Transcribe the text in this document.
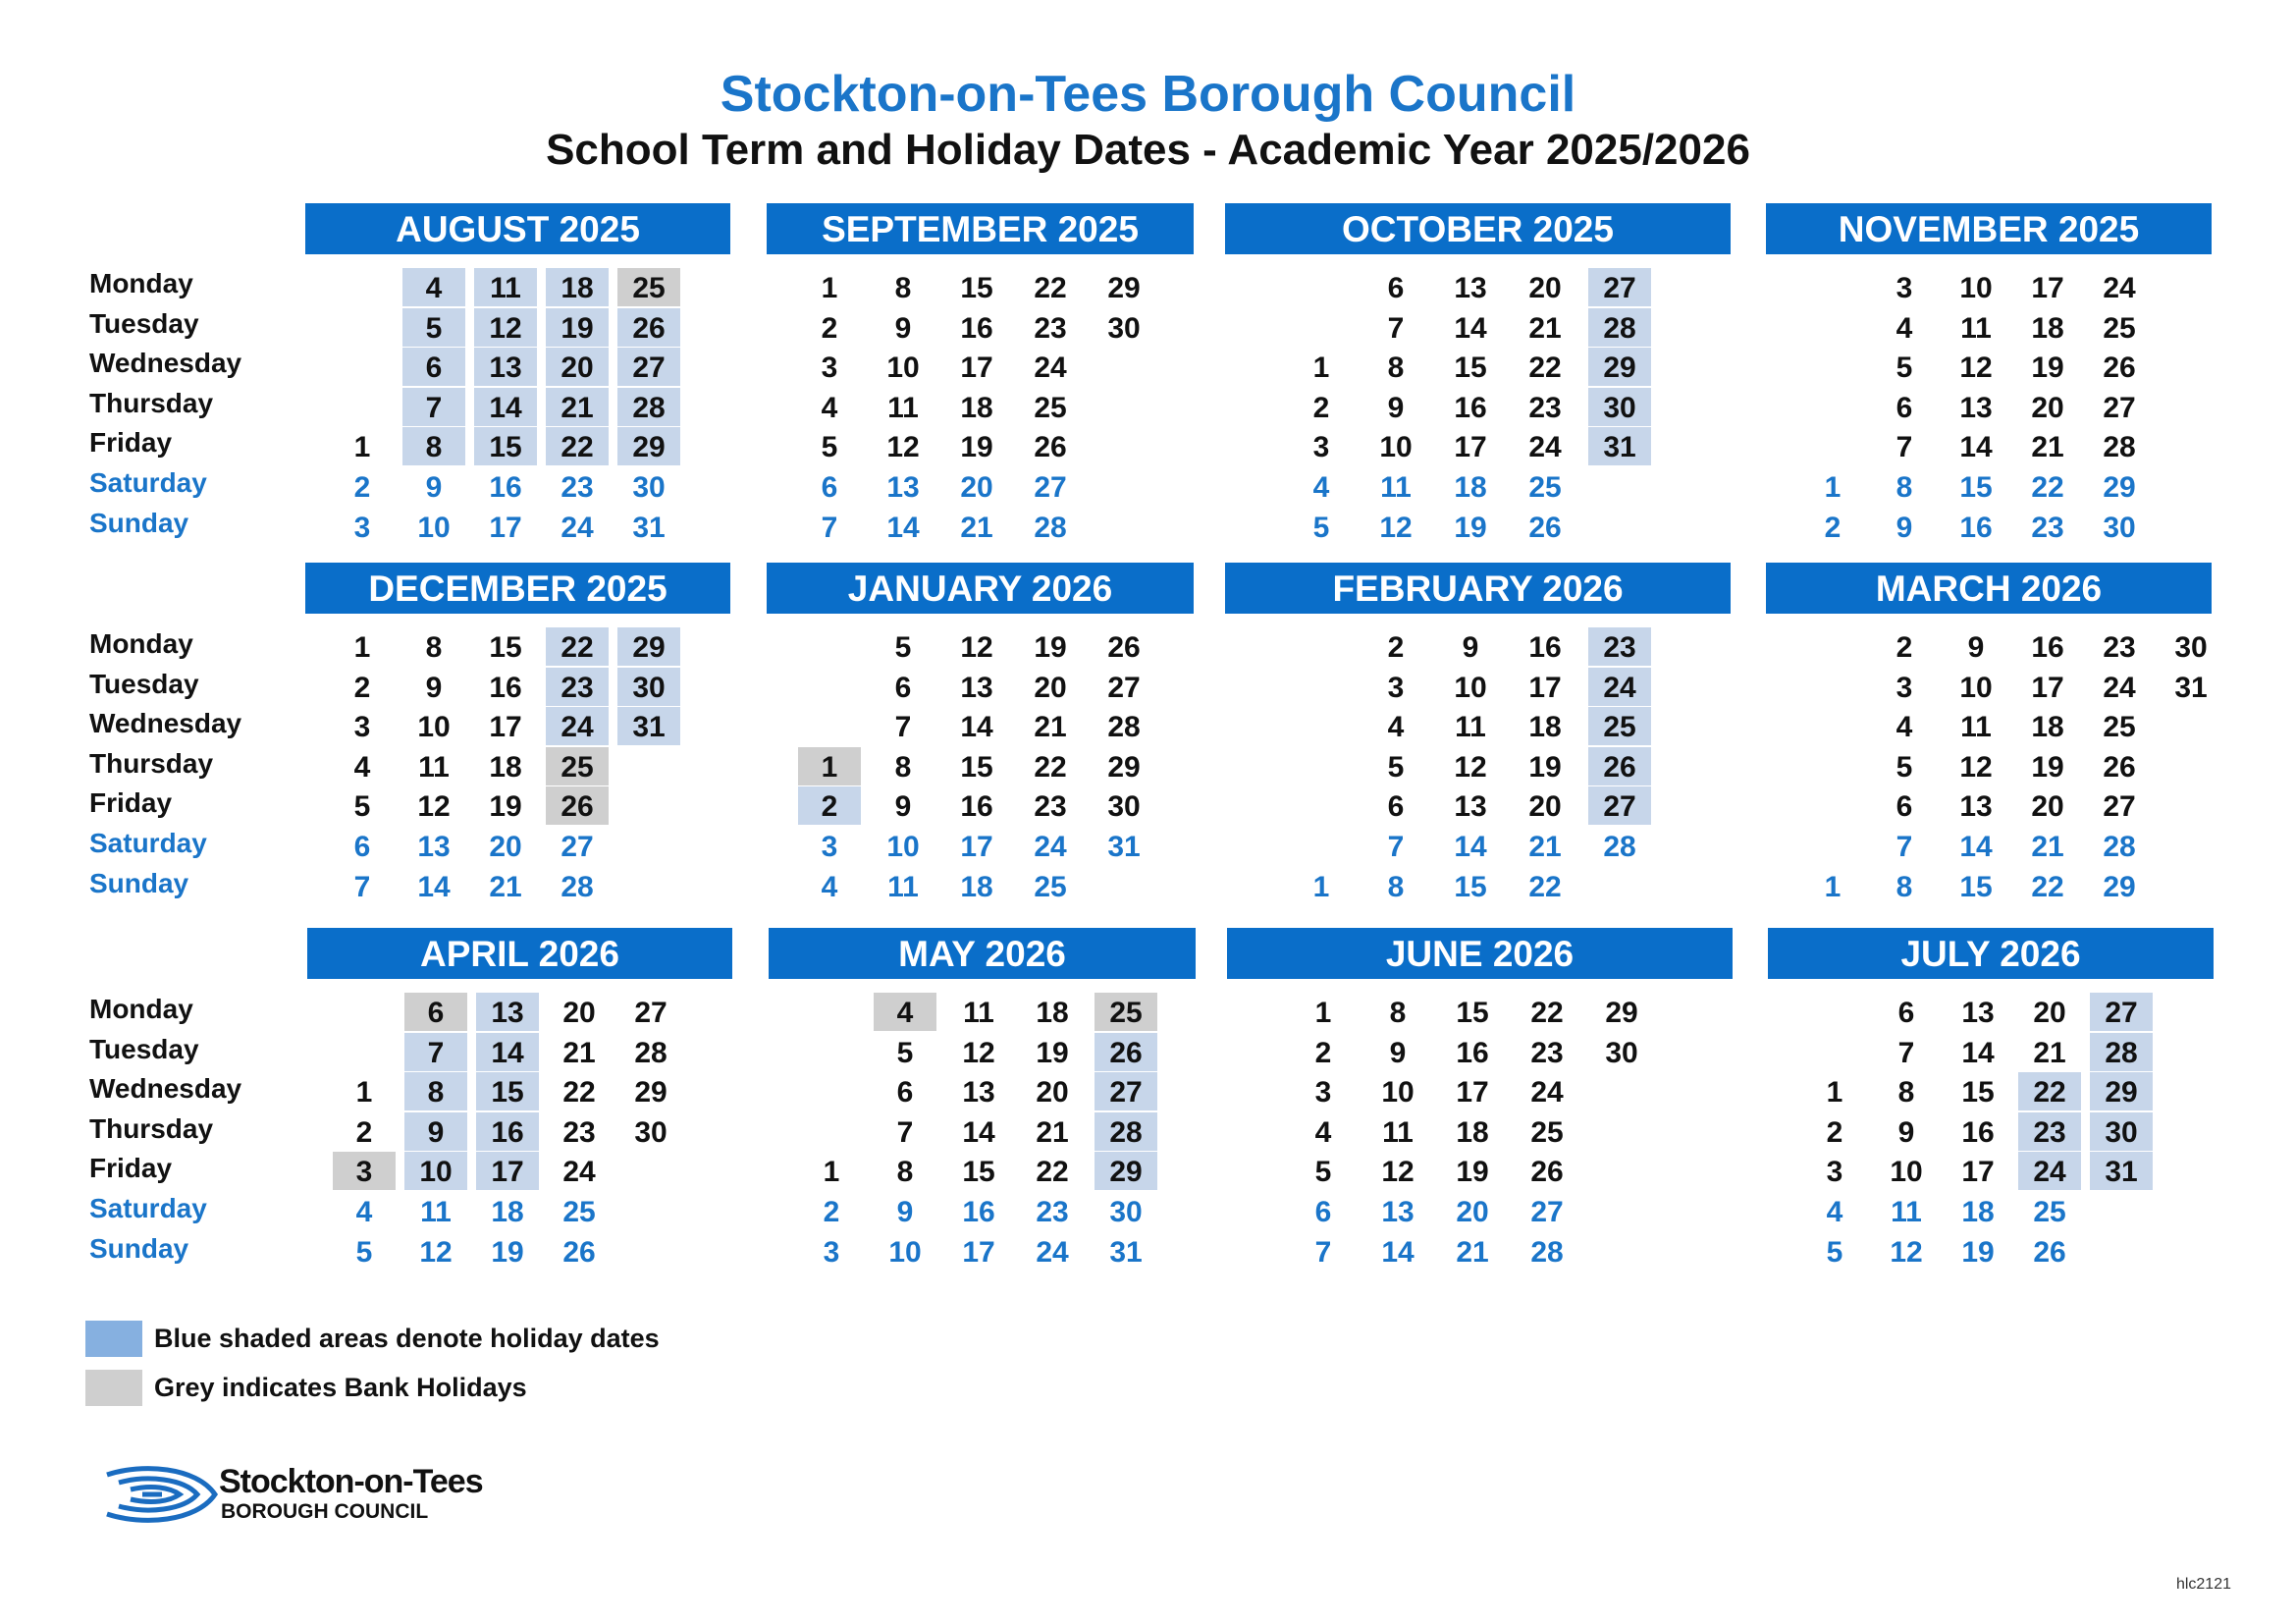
Stockton-on-Tees Borough Council
School Term and Holiday Dates - Academic Year 2025/2026
Monday
Tuesday
Wednesday
Thursday
Friday
Saturday
Sunday
Monday
Tuesday
Wednesday
Thursday
Friday
Saturday
Sunday
Monday
Tuesday
Wednesday
Thursday
Friday
Saturday
Sunday
AUGUST 2025
1
2
3
4
5
6
7
8
9
10
11
12
13
14
15
16
17
18
19
20
21
22
23
24
25
26
27
28
29
30
31
SEPTEMBER 2025
1
2
3
4
5
6
7
8
9
10
11
12
13
14
15
16
17
18
19
20
21
22
23
24
25
26
27
28
29
30
OCTOBER 2025
1
2
3
4
5
6
7
8
9
10
11
12
13
14
15
16
17
18
19
20
21
22
23
24
25
26
27
28
29
30
31
NOVEMBER 2025
1
2
3
4
5
6
7
8
9
10
11
12
13
14
15
16
17
18
19
20
21
22
23
24
25
26
27
28
29
30
DECEMBER 2025
1
2
3
4
5
6
7
8
9
10
11
12
13
14
15
16
17
18
19
20
21
22
23
24
25
26
27
28
29
30
31
JANUARY 2026
1
2
3
4
5
6
7
8
9
10
11
12
13
14
15
16
17
18
19
20
21
22
23
24
25
26
27
28
29
30
31
FEBRUARY 2026
1
2
3
4
5
6
7
8
9
10
11
12
13
14
15
16
17
18
19
20
21
22
23
24
25
26
27
28
MARCH 2026
1
2
3
4
5
6
7
8
9
10
11
12
13
14
15
16
17
18
19
20
21
22
23
24
25
26
27
28
29
30
31
APRIL 2026
1
2
3
4
5
6
7
8
9
10
11
12
13
14
15
16
17
18
19
20
21
22
23
24
25
26
27
28
29
30
MAY 2026
1
2
3
4
5
6
7
8
9
10
11
12
13
14
15
16
17
18
19
20
21
22
23
24
25
26
27
28
29
30
31
JUNE 2026
1
2
3
4
5
6
7
8
9
10
11
12
13
14
15
16
17
18
19
20
21
22
23
24
25
26
27
28
29
30
JULY 2026
1
2
3
4
5
6
7
8
9
10
11
12
13
14
15
16
17
18
19
20
21
22
23
24
25
26
27
28
29
30
31
Blue shaded areas denote holiday dates
Grey indicates Bank Holidays
Stockton-on-Tees
BOROUGH COUNCIL
hlc2121
